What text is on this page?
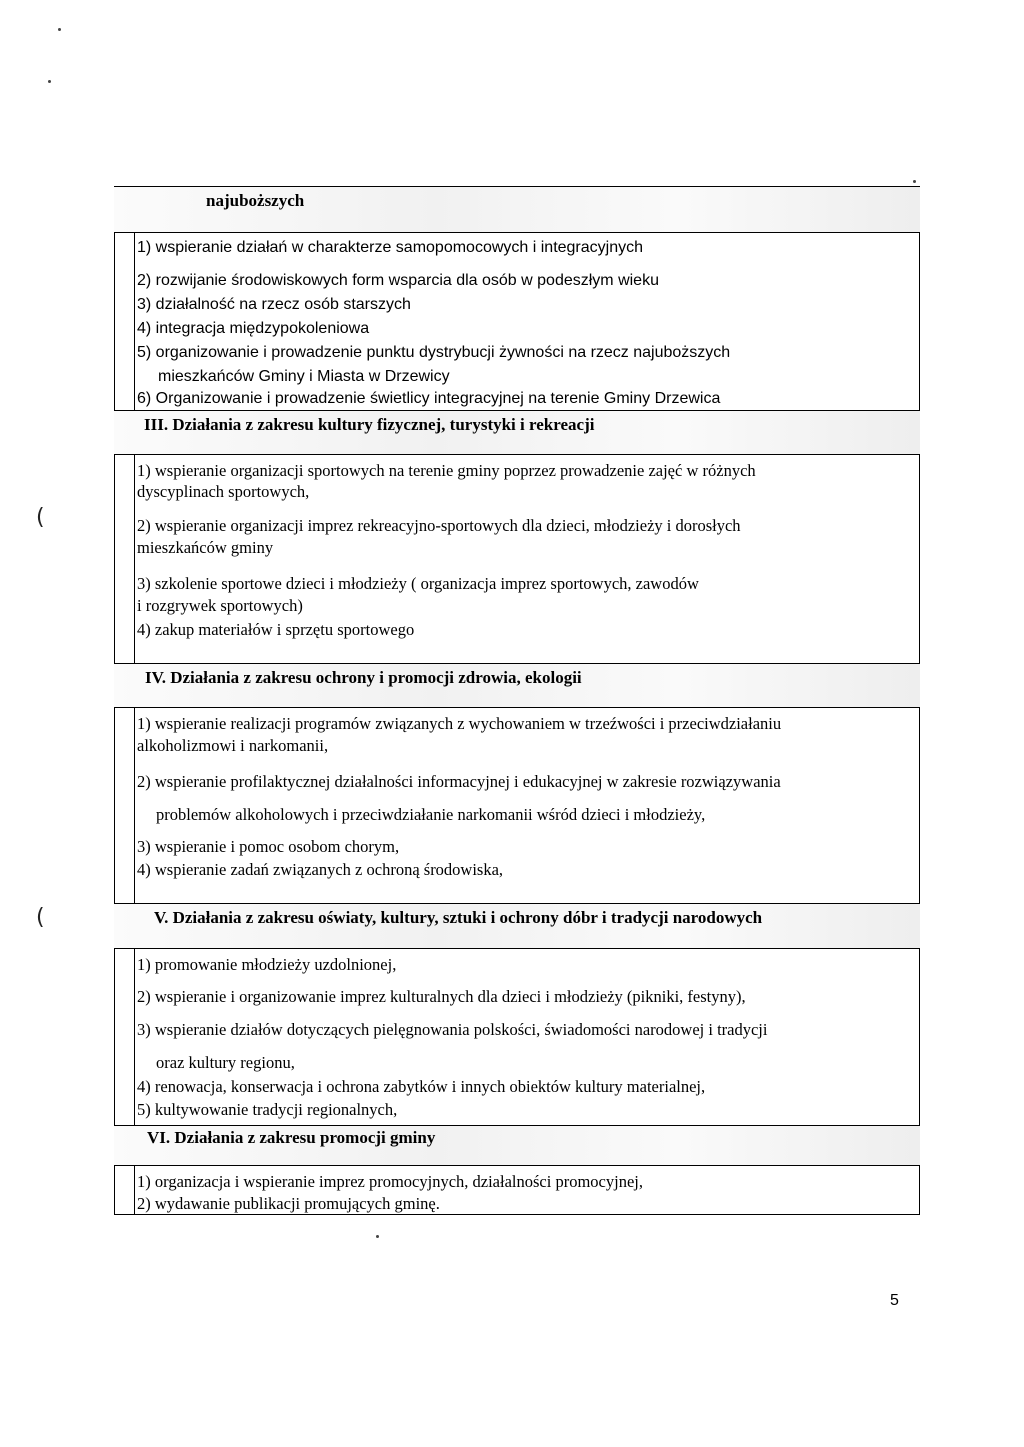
(
(
najuboższych
1) wspieranie działań w charakterze samopomocowych i integracyjnych
2) rozwijanie środowiskowych form wsparcia dla osób w podeszłym wieku
3) działalność na rzecz osób starszych
4) integracja międzypokoleniowa
5) organizowanie i prowadzenie punktu dystrybucji żywności na rzecz najuboższych
mieszkańców Gminy i Miasta w Drzewicy
6) Organizowanie i prowadzenie świetlicy integracyjnej na terenie Gminy Drzewica
III. Działania z zakresu kultury fizycznej, turystyki i rekreacji
1) wspieranie organizacji sportowych na terenie gminy poprzez prowadzenie zajęć w różnych
dyscyplinach sportowych,
2) wspieranie organizacji imprez rekreacyjno-sportowych dla dzieci, młodzieży i dorosłych
mieszkańców gminy
3) szkolenie sportowe dzieci i młodzieży ( organizacja imprez sportowych, zawodów
i rozgrywek sportowych)
4) zakup materiałów i sprzętu sportowego
IV. Działania z zakresu ochrony i promocji zdrowia, ekologii
1) wspieranie realizacji programów związanych z wychowaniem w trzeźwości i przeciwdziałaniu
alkoholizmowi i narkomanii,
2) wspieranie profilaktycznej działalności informacyjnej i edukacyjnej w zakresie rozwiązywania
problemów alkoholowych i przeciwdziałanie narkomanii wśród dzieci i młodzieży,
3) wspieranie i pomoc osobom chorym,
4) wspieranie zadań związanych z ochroną środowiska,
V. Działania z zakresu oświaty, kultury, sztuki i ochrony dóbr i tradycji narodowych
1) promowanie młodzieży uzdolnionej,
2) wspieranie i organizowanie imprez kulturalnych dla dzieci i młodzieży (pikniki, festyny),
3) wspieranie działów dotyczących pielęgnowania polskości, świadomości narodowej i tradycji
oraz kultury regionu,
4) renowacja, konserwacja i ochrona zabytków i innych obiektów kultury materialnej,
5) kultywowanie tradycji regionalnych,
VI. Działania z zakresu promocji gminy
1) organizacja i wspieranie imprez promocyjnych, działalności promocyjnej,
2) wydawanie publikacji promujących gminę.
5
